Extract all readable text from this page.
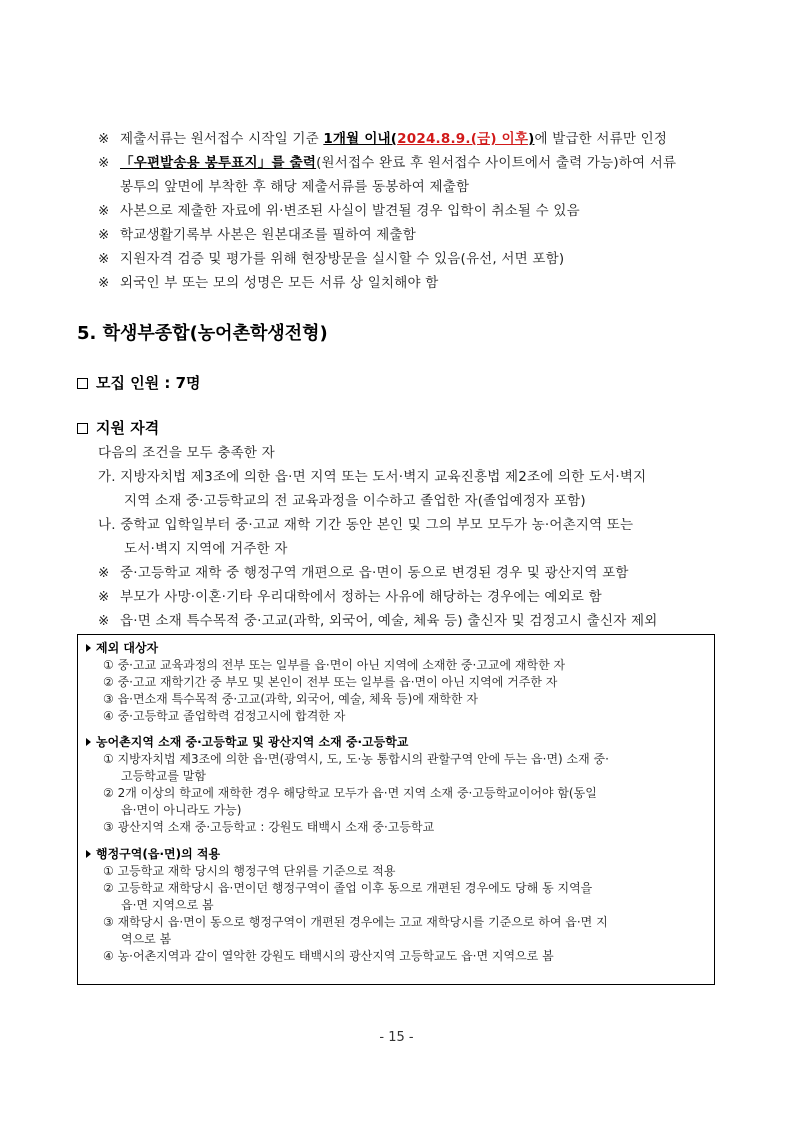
※ 제출서류는 원서접수 시작일 기준 1개월 이내(2024.8.9.(금) 이후)에 발급한 서류만 인정
※ 「우편발송용 봉투표지」를 출력(원서접수 완료 후 원서접수 사이트에서 출력 가능)하여 서류
봉투의 앞면에 부착한 후 해당 제출서류를 동봉하여 제출함
※ 사본으로 제출한 자료에 위·변조된 사실이 발견될 경우 입학이 취소될 수 있음
※ 학교생활기록부 사본은 원본대조를 필하여 제출함
※ 지원자격 검증 및 평가를 위해 현장방문을 실시할 수 있음(유선, 서면 포함)
※ 외국인 부 또는 모의 성명은 모든 서류 상 일치해야 함
5. 학생부종합(농어촌학생전형)
모집 인원 : 7명
지원 자격
다음의 조건을 모두 충족한 자
가. 지방자치법 제3조에 의한 읍·면 지역 또는 도서·벽지 교육진흥법 제2조에 의한 도서·벽지
지역 소재 중·고등학교의 전 교육과정을 이수하고 졸업한 자(졸업예정자 포함)
나. 중학교 입학일부터 중·고교 재학 기간 동안 본인 및 그의 부모 모두가 농·어촌지역 또는
도서·벽지 지역에 거주한 자
※ 중·고등학교 재학 중 행정구역 개편으로 읍·면이 동으로 변경된 경우 및 광산지역 포함
※ 부모가 사망·이혼·기타 우리대학에서 정하는 사유에 해당하는 경우에는 예외로 함
※ 읍·면 소재 특수목적 중·고교(과학, 외국어, 예술, 체육 등) 출신자 및 검정고시 출신자 제외
제외 대상자
① 중·고교 교육과정의 전부 또는 일부를 읍·면이 아닌 지역에 소재한 중·고교에 재학한 자
② 중·고교 재학기간 중 부모 및 본인이 전부 또는 일부를 읍·면이 아닌 지역에 거주한 자
③ 읍·면소재 특수목적 중·고교(과학, 외국어, 예술, 체육 등)에 재학한 자
④ 중·고등학교 졸업학력 검정고시에 합격한 자
농어촌지역 소재 중·고등학교 및 광산지역 소재 중·고등학교
① 지방자치법 제3조에 의한 읍·면(광역시, 도, 도·농 통합시의 관할구역 안에 두는 읍·면) 소재 중·
고등학교를 말함
② 2개 이상의 학교에 재학한 경우 해당학교 모두가 읍·면 지역 소재 중·고등학교이어야 함(동일
읍·면이 아니라도 가능)
③ 광산지역 소재 중·고등학교 : 강원도 태백시 소재 중·고등학교
행정구역(읍·면)의 적용
① 고등학교 재학 당시의 행정구역 단위를 기준으로 적용
② 고등학교 재학당시 읍·면이던 행정구역이 졸업 이후 동으로 개편된 경우에도 당해 동 지역을
읍·면 지역으로 봄
③ 재학당시 읍·면이 동으로 행정구역이 개편된 경우에는 고교 재학당시를 기준으로 하여 읍·면 지
역으로 봄
④ 농·어촌지역과 같이 열악한 강원도 태백시의 광산지역 고등학교도 읍·면 지역으로 봄
- 15 -
